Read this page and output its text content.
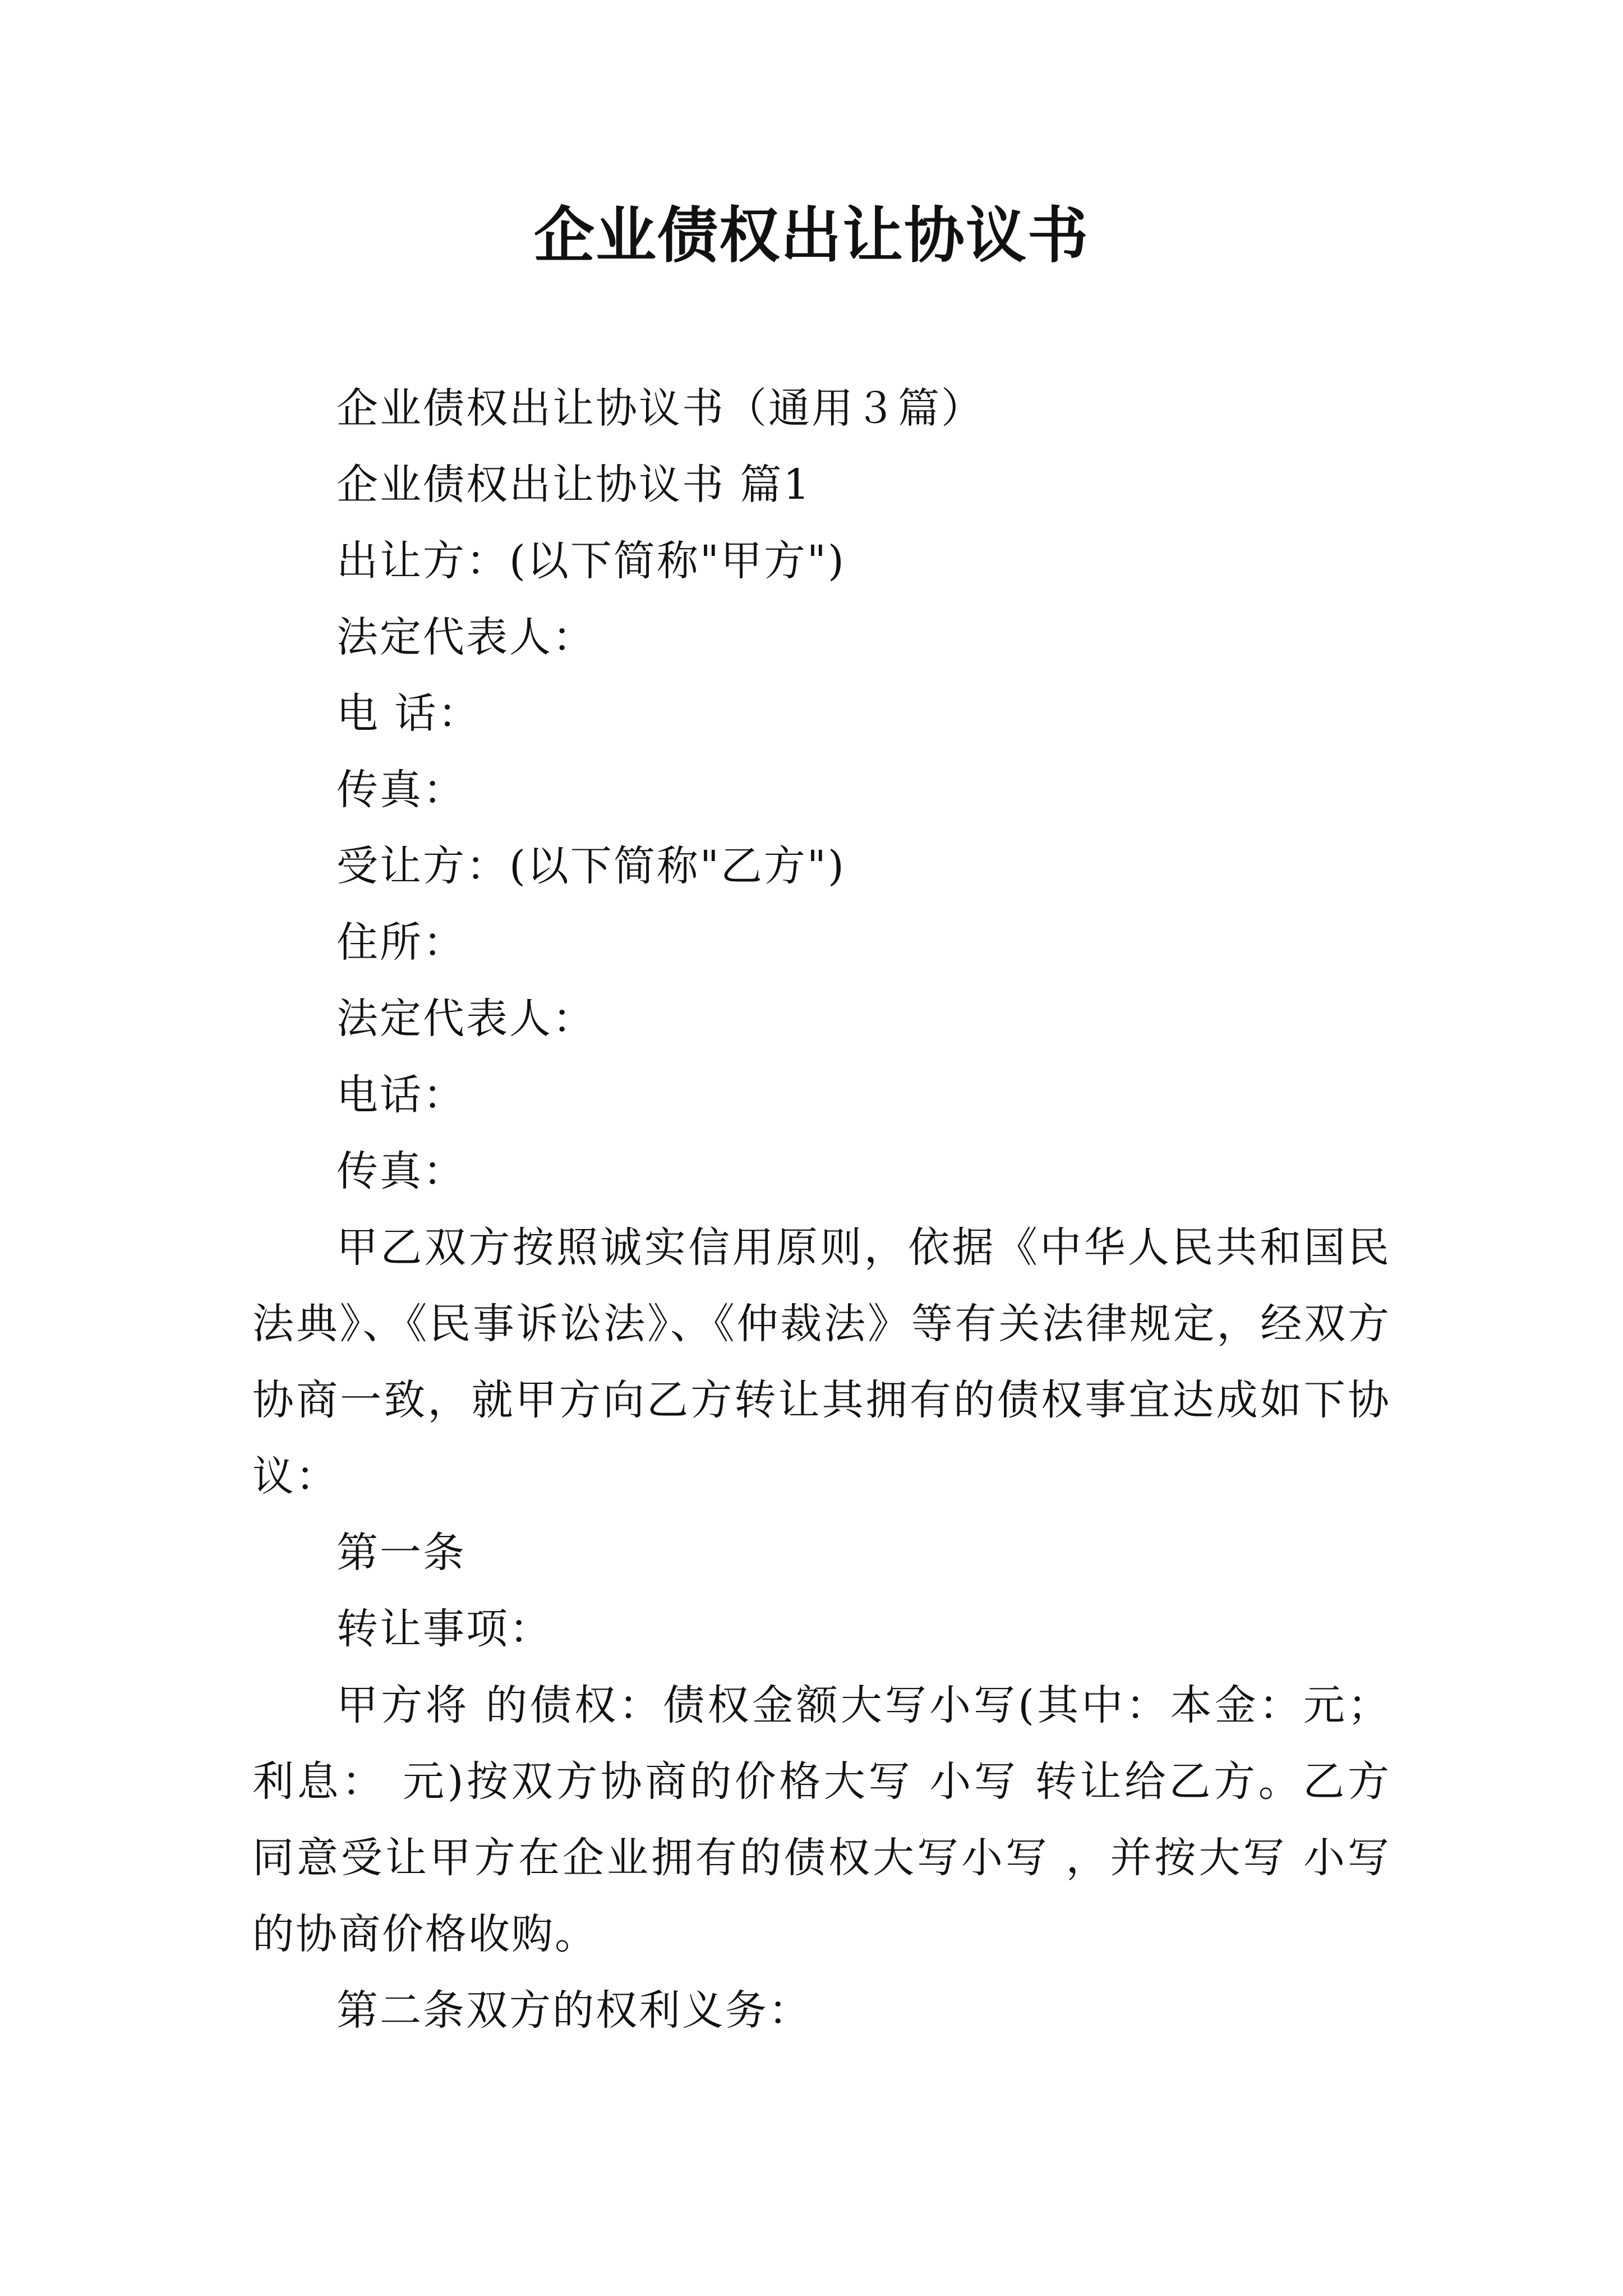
企业债权出让协议书

企业债权出让协议书（通用３篇）

企业债权出让协议书 篇1

出让方：(以下简称"甲方")

法定代表人：

电 话：

传真：

受让方：(以下简称"乙方")

住所：

法定代表人：

电话：

传真：

甲乙双方按照诚实信用原则，依据《中华人民共和国民法典》、《民事诉讼法》、《仲裁法》等有关法律规定，经双方协商一致，就甲方向乙方转让其拥有的债权事宜达成如下协议：

第一条

转让事项：

甲方将 的债权：债权金额大写小写(其中：本金：元；利息： 元)按双方协商的价格大写 小写 转让给乙方。乙方同意受让甲方在企业拥有的债权大写小写 ，并按大写 小写的协商价格收购。

第二条双方的权利义务：
